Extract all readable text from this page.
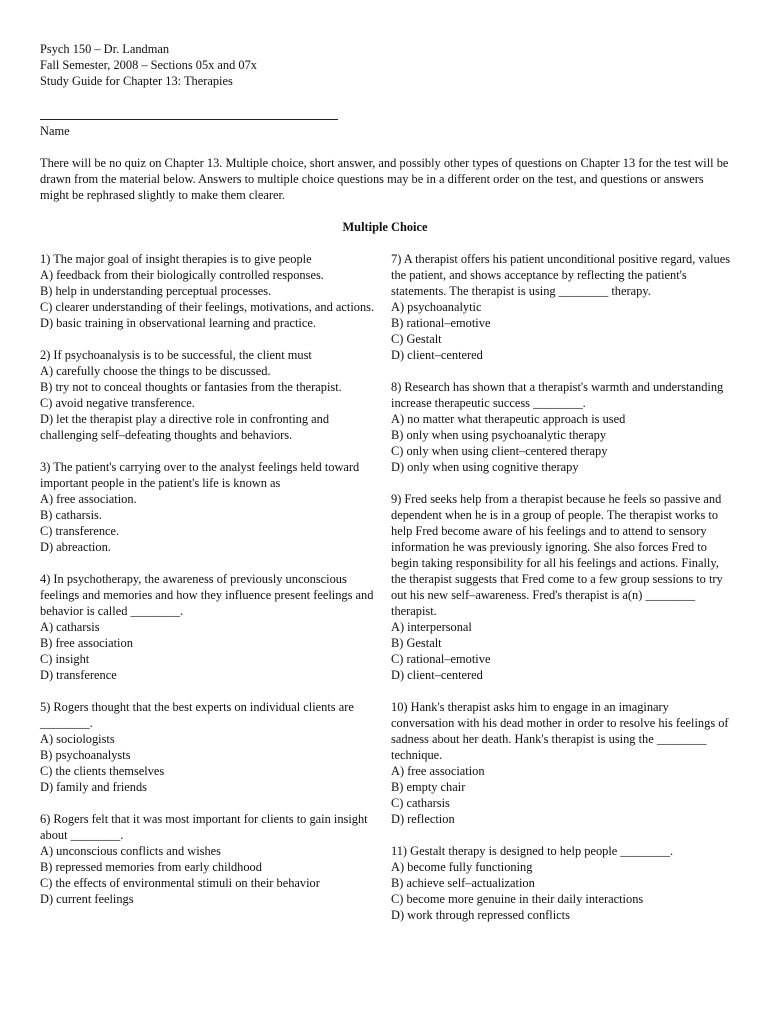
Psych 150 – Dr. Landman
Fall Semester, 2008 – Sections 05x and 07x
Study Guide for Chapter 13: Therapies
Name
There will be no quiz on Chapter 13. Multiple choice, short answer, and possibly other types of questions on Chapter 13 for the test will be drawn from the material below. Answers to multiple choice questions may be in a different order on the test, and questions or answers might be rephrased slightly to make them clearer.
Multiple Choice
1) The major goal of insight therapies is to give people
A) feedback from their biologically controlled responses.
B) help in understanding perceptual processes.
C) clearer understanding of their feelings, motivations, and actions.
D) basic training in observational learning and practice.
2) If psychoanalysis is to be successful, the client must
A) carefully choose the things to be discussed.
B) try not to conceal thoughts or fantasies from the therapist.
C) avoid negative transference.
D) let the therapist play a directive role in confronting and challenging self–defeating thoughts and behaviors.
3) The patient's carrying over to the analyst feelings held toward important people in the patient's life is known as
A) free association.
B) catharsis.
C) transference.
D) abreaction.
4) In psychotherapy, the awareness of previously unconscious feelings and memories and how they influence present feelings and behavior is called ________.
A) catharsis
B) free association
C) insight
D) transference
5) Rogers thought that the best experts on individual clients are ________.
A) sociologists
B) psychoanalysts
C) the clients themselves
D) family and friends
6) Rogers felt that it was most important for clients to gain insight about ________.
A) unconscious conflicts and wishes
B) repressed memories from early childhood
C) the effects of environmental stimuli on their behavior
D) current feelings
7) A therapist offers his patient unconditional positive regard, values the patient, and shows acceptance by reflecting the patient's statements. The therapist is using ________ therapy.
A) psychoanalytic
B) rational–emotive
C) Gestalt
D) client–centered
8) Research has shown that a therapist's warmth and understanding increase therapeutic success ________.
A) no matter what therapeutic approach is used
B) only when using psychoanalytic therapy
C) only when using client–centered therapy
D) only when using cognitive therapy
9) Fred seeks help from a therapist because he feels so passive and dependent when he is in a group of people. The therapist works to help Fred become aware of his feelings and to attend to sensory information he was previously ignoring. She also forces Fred to begin taking responsibility for all his feelings and actions. Finally, the therapist suggests that Fred come to a few group sessions to try out his new self–awareness. Fred's therapist is a(n) ________ therapist.
A) interpersonal
B) Gestalt
C) rational–emotive
D) client–centered
10) Hank's therapist asks him to engage in an imaginary conversation with his dead mother in order to resolve his feelings of sadness about her death. Hank's therapist is using the ________ technique.
A) free association
B) empty chair
C) catharsis
D) reflection
11) Gestalt therapy is designed to help people ________.
A) become fully functioning
B) achieve self–actualization
C) become more genuine in their daily interactions
D) work through repressed conflicts
